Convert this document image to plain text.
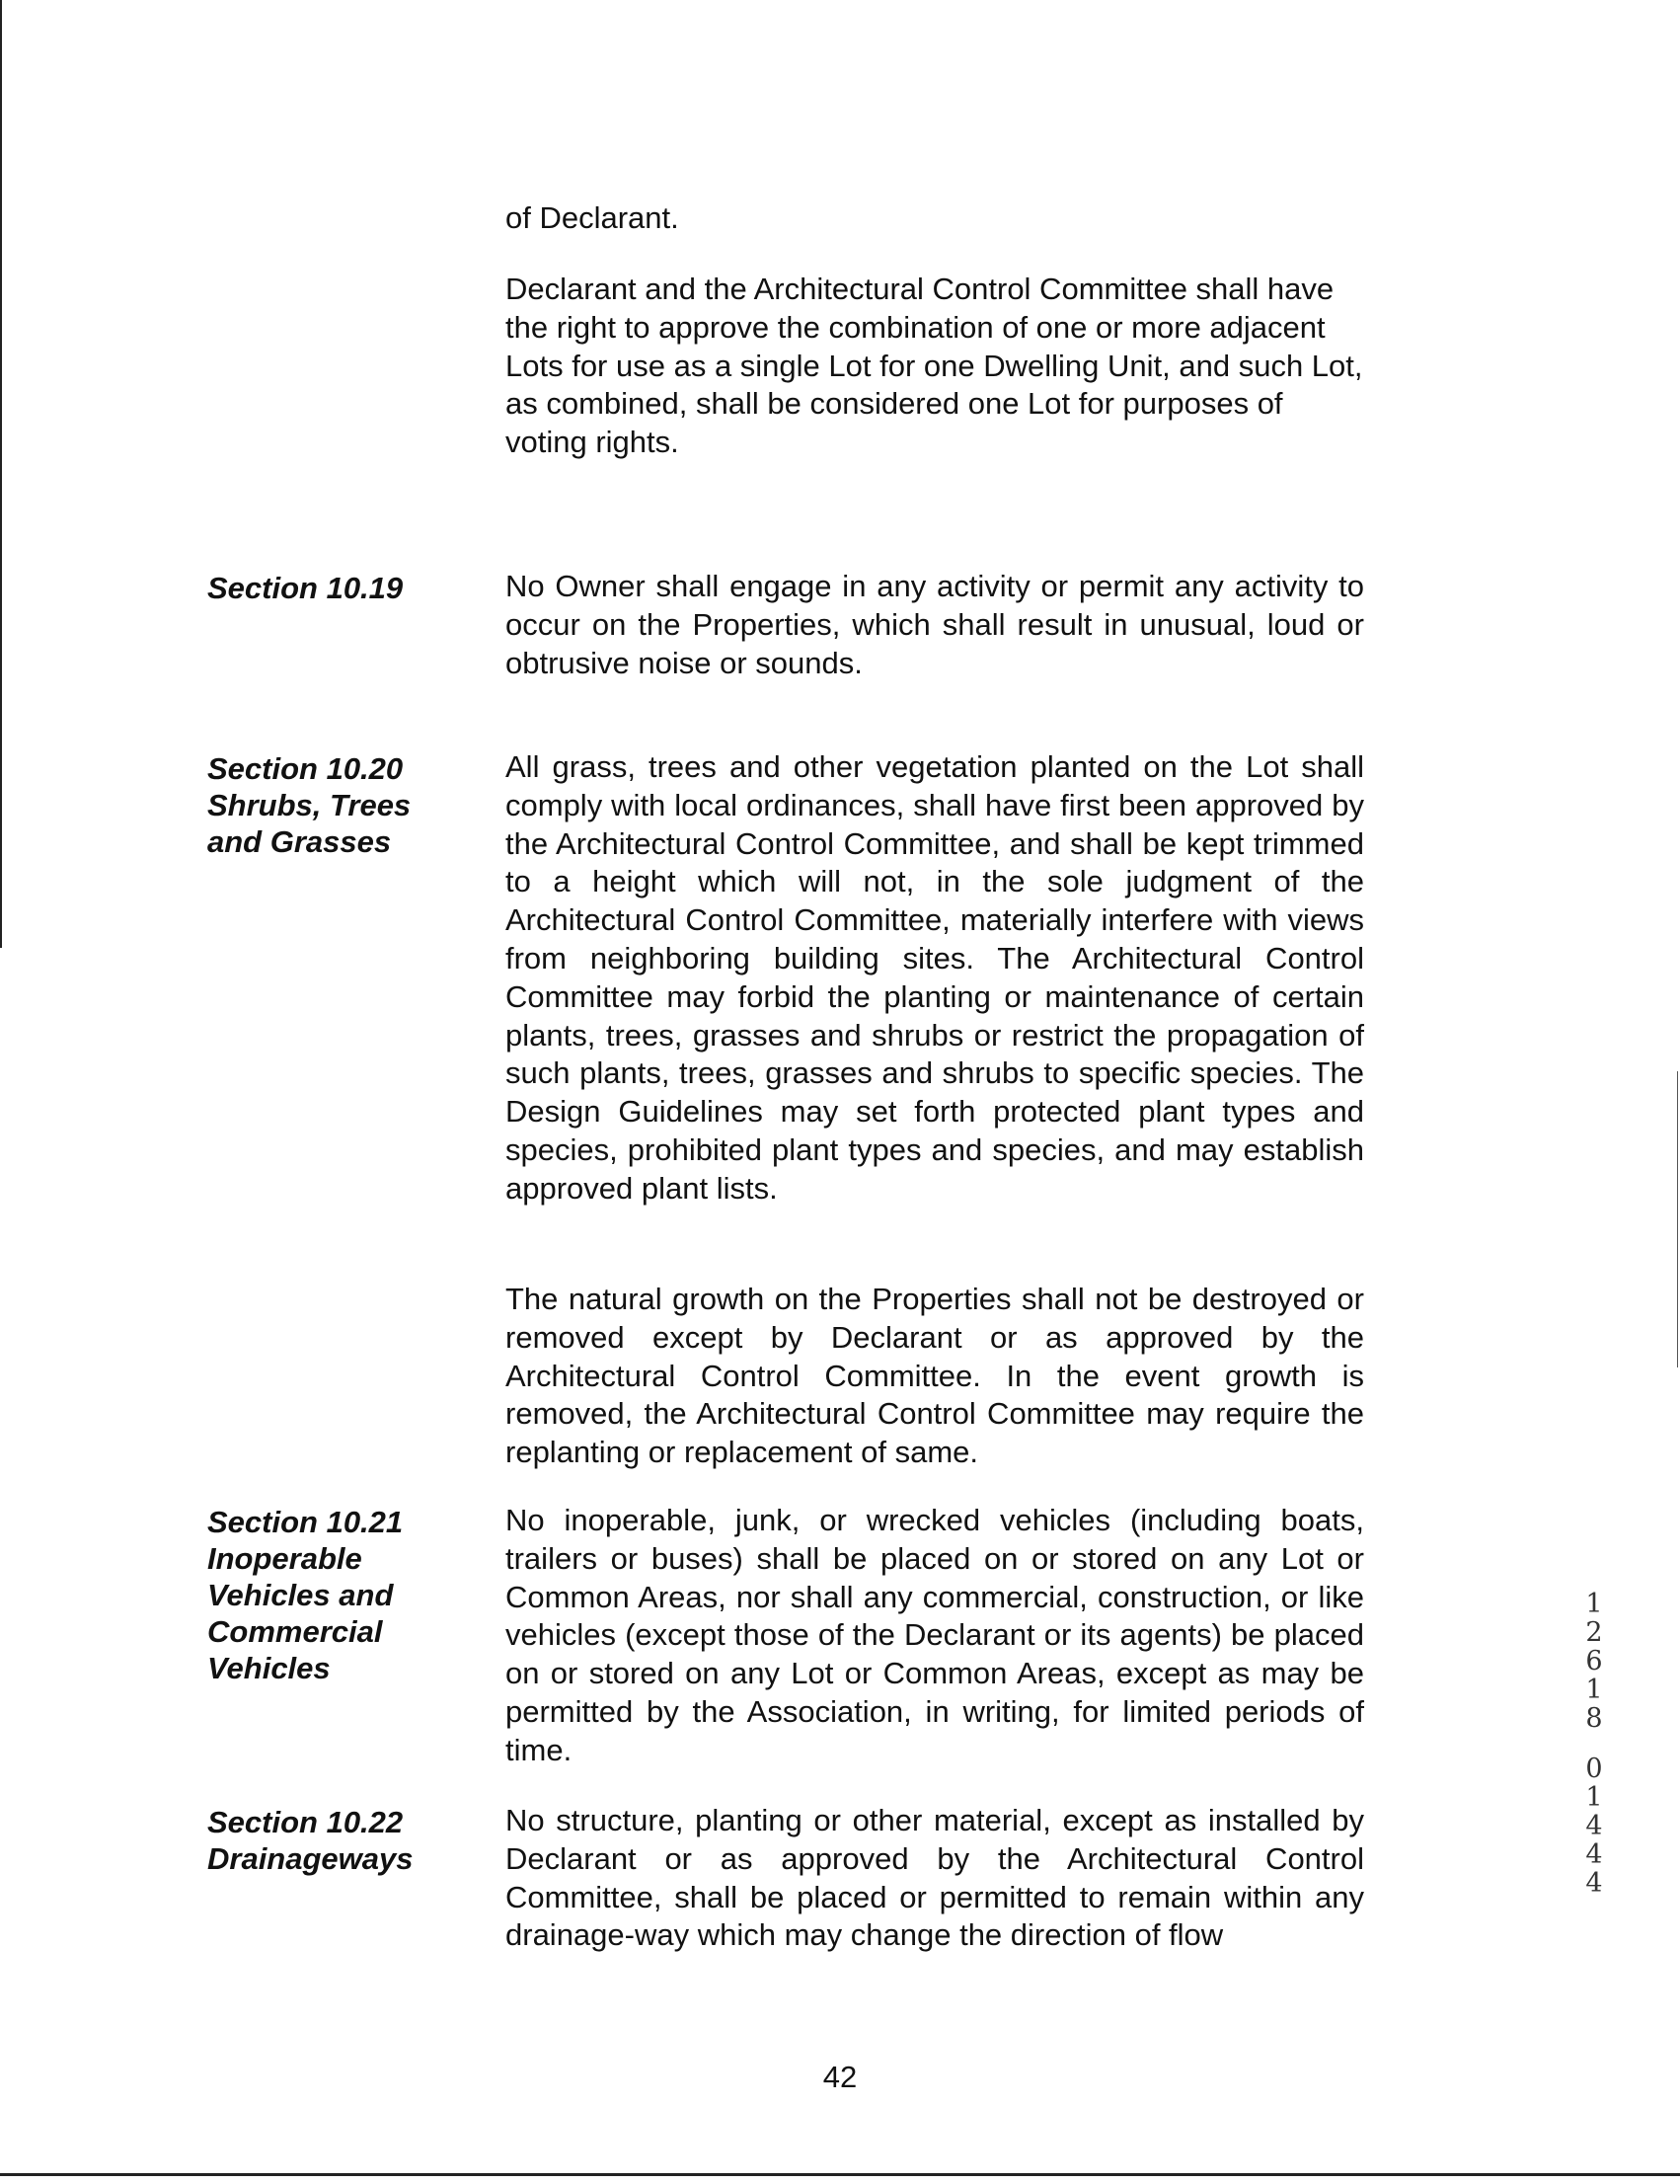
of Declarant.

Declarant and the Architectural Control Committee shall have the right to approve the combination of one or more adjacent Lots for use as a single Lot for one Dwelling Unit, and such Lot, as combined, shall be considered one Lot for purposes of voting rights.

Section 10.19	No Owner shall engage in any activity or permit any activity to occur on the Properties, which shall result in unusual, loud or obtrusive noise or sounds.

Section 10.20
Shrubs, Trees
and Grasses

All grass, trees and other vegetation planted on the Lot shall comply with local ordinances, shall have first been approved by the Architectural Control Committee, and shall be kept trimmed to a height which will not, in the sole judgment of the Architectural Control Committee, materially interfere with views from neighboring building sites. The Architectural Control Committee may forbid the planting or maintenance of certain plants, trees, grasses and shrubs or restrict the propagation of such plants, trees, grasses and shrubs to specific species. The Design Guidelines may set forth protected plant types and species, prohibited plant types and species, and may establish approved plant lists.

The natural growth on the Properties shall not be destroyed or removed except by Declarant or as approved by the Architectural Control Committee. In the event growth is removed, the Architectural Control Committee may require the replanting or replacement of same.

Section 10.21
Inoperable
Vehicles and
Commercial
Vehicles

No inoperable, junk, or wrecked vehicles (including boats, trailers or buses) shall be placed on or stored on any Lot or Common Areas, nor shall any commercial, construction, or like vehicles (except those of the Declarant or its agents) be placed on or stored on any Lot or Common Areas, except as may be permitted by the Association, in writing, for limited periods of time.

Section 10.22
Drainageways

No structure, planting or other material, except as installed by Declarant or as approved by the Architectural Control Committee, shall be placed or permitted to remain within any drainage-way which may change the direction of flow

42
1
2
6
1
8
0
1
4
4
4
